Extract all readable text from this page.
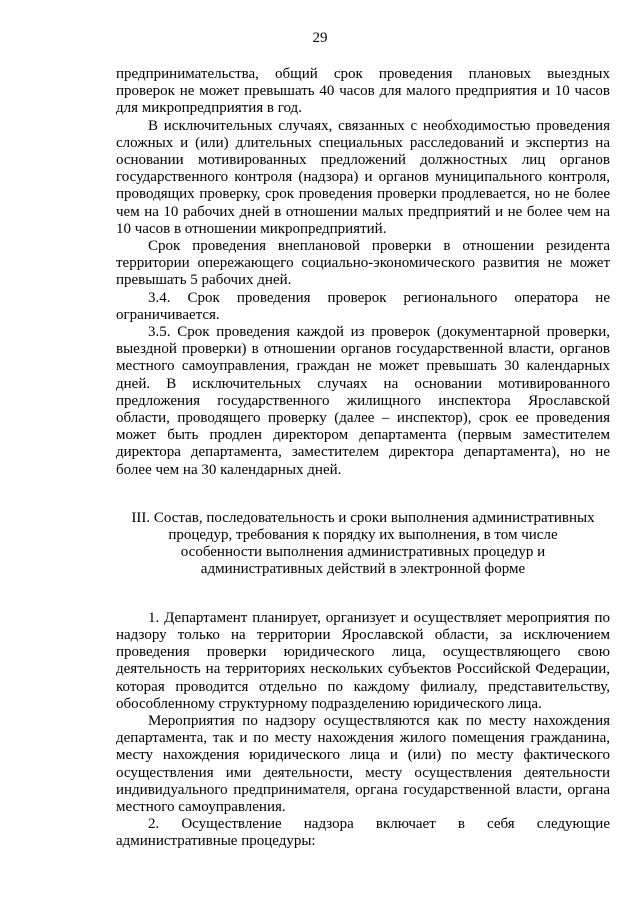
29

предпринимательства, общий срок проведения плановых выездных проверок не может превышать 40 часов для малого предприятия и 10 часов для микропредприятия в год.

В исключительных случаях, связанных с необходимостью проведения сложных и (или) длительных специальных расследований и экспертиз на основании мотивированных предложений должностных лиц органов государственного контроля (надзора) и органов муниципального контроля, проводящих проверку, срок проведения проверки продлевается, но не более чем на 10 рабочих дней в отношении малых предприятий и не более чем на 10 часов в отношении микропредприятий.

Срок проведения внеплановой проверки в отношении резидента территории опережающего социально-экономического развития не может превышать 5 рабочих дней.

3.4. Срок проведения проверок регионального оператора не ограничивается.

3.5. Срок проведения каждой из проверок (документарной проверки, выездной проверки) в отношении органов государственной власти, органов местного самоуправления, граждан не может превышать 30 календарных дней. В исключительных случаях на основании мотивированного предложения государственного жилищного инспектора Ярославской области, проводящего проверку (далее – инспектор), срок ее проведения может быть продлен директором департамента (первым заместителем директора департамента, заместителем директора департамента), но не более чем на 30 календарных дней.

III. Состав, последовательность и сроки выполнения административных процедур, требования к порядку их выполнения, в том числе особенности выполнения административных процедур и административных действий в электронной форме

1. Департамент планирует, организует и осуществляет мероприятия по надзору только на территории Ярославской области, за исключением проведения проверки юридического лица, осуществляющего свою деятельность на территориях нескольких субъектов Российской Федерации, которая проводится отдельно по каждому филиалу, представительству, обособленному структурному подразделению юридического лица.

Мероприятия по надзору осуществляются как по месту нахождения департамента, так и по месту нахождения жилого помещения гражданина, месту нахождения юридического лица и (или) по месту фактического осуществления ими деятельности, месту осуществления деятельности индивидуального предпринимателя, органа государственной власти, органа местного самоуправления.

2. Осуществление надзора включает в себя следующие административные процедуры:
